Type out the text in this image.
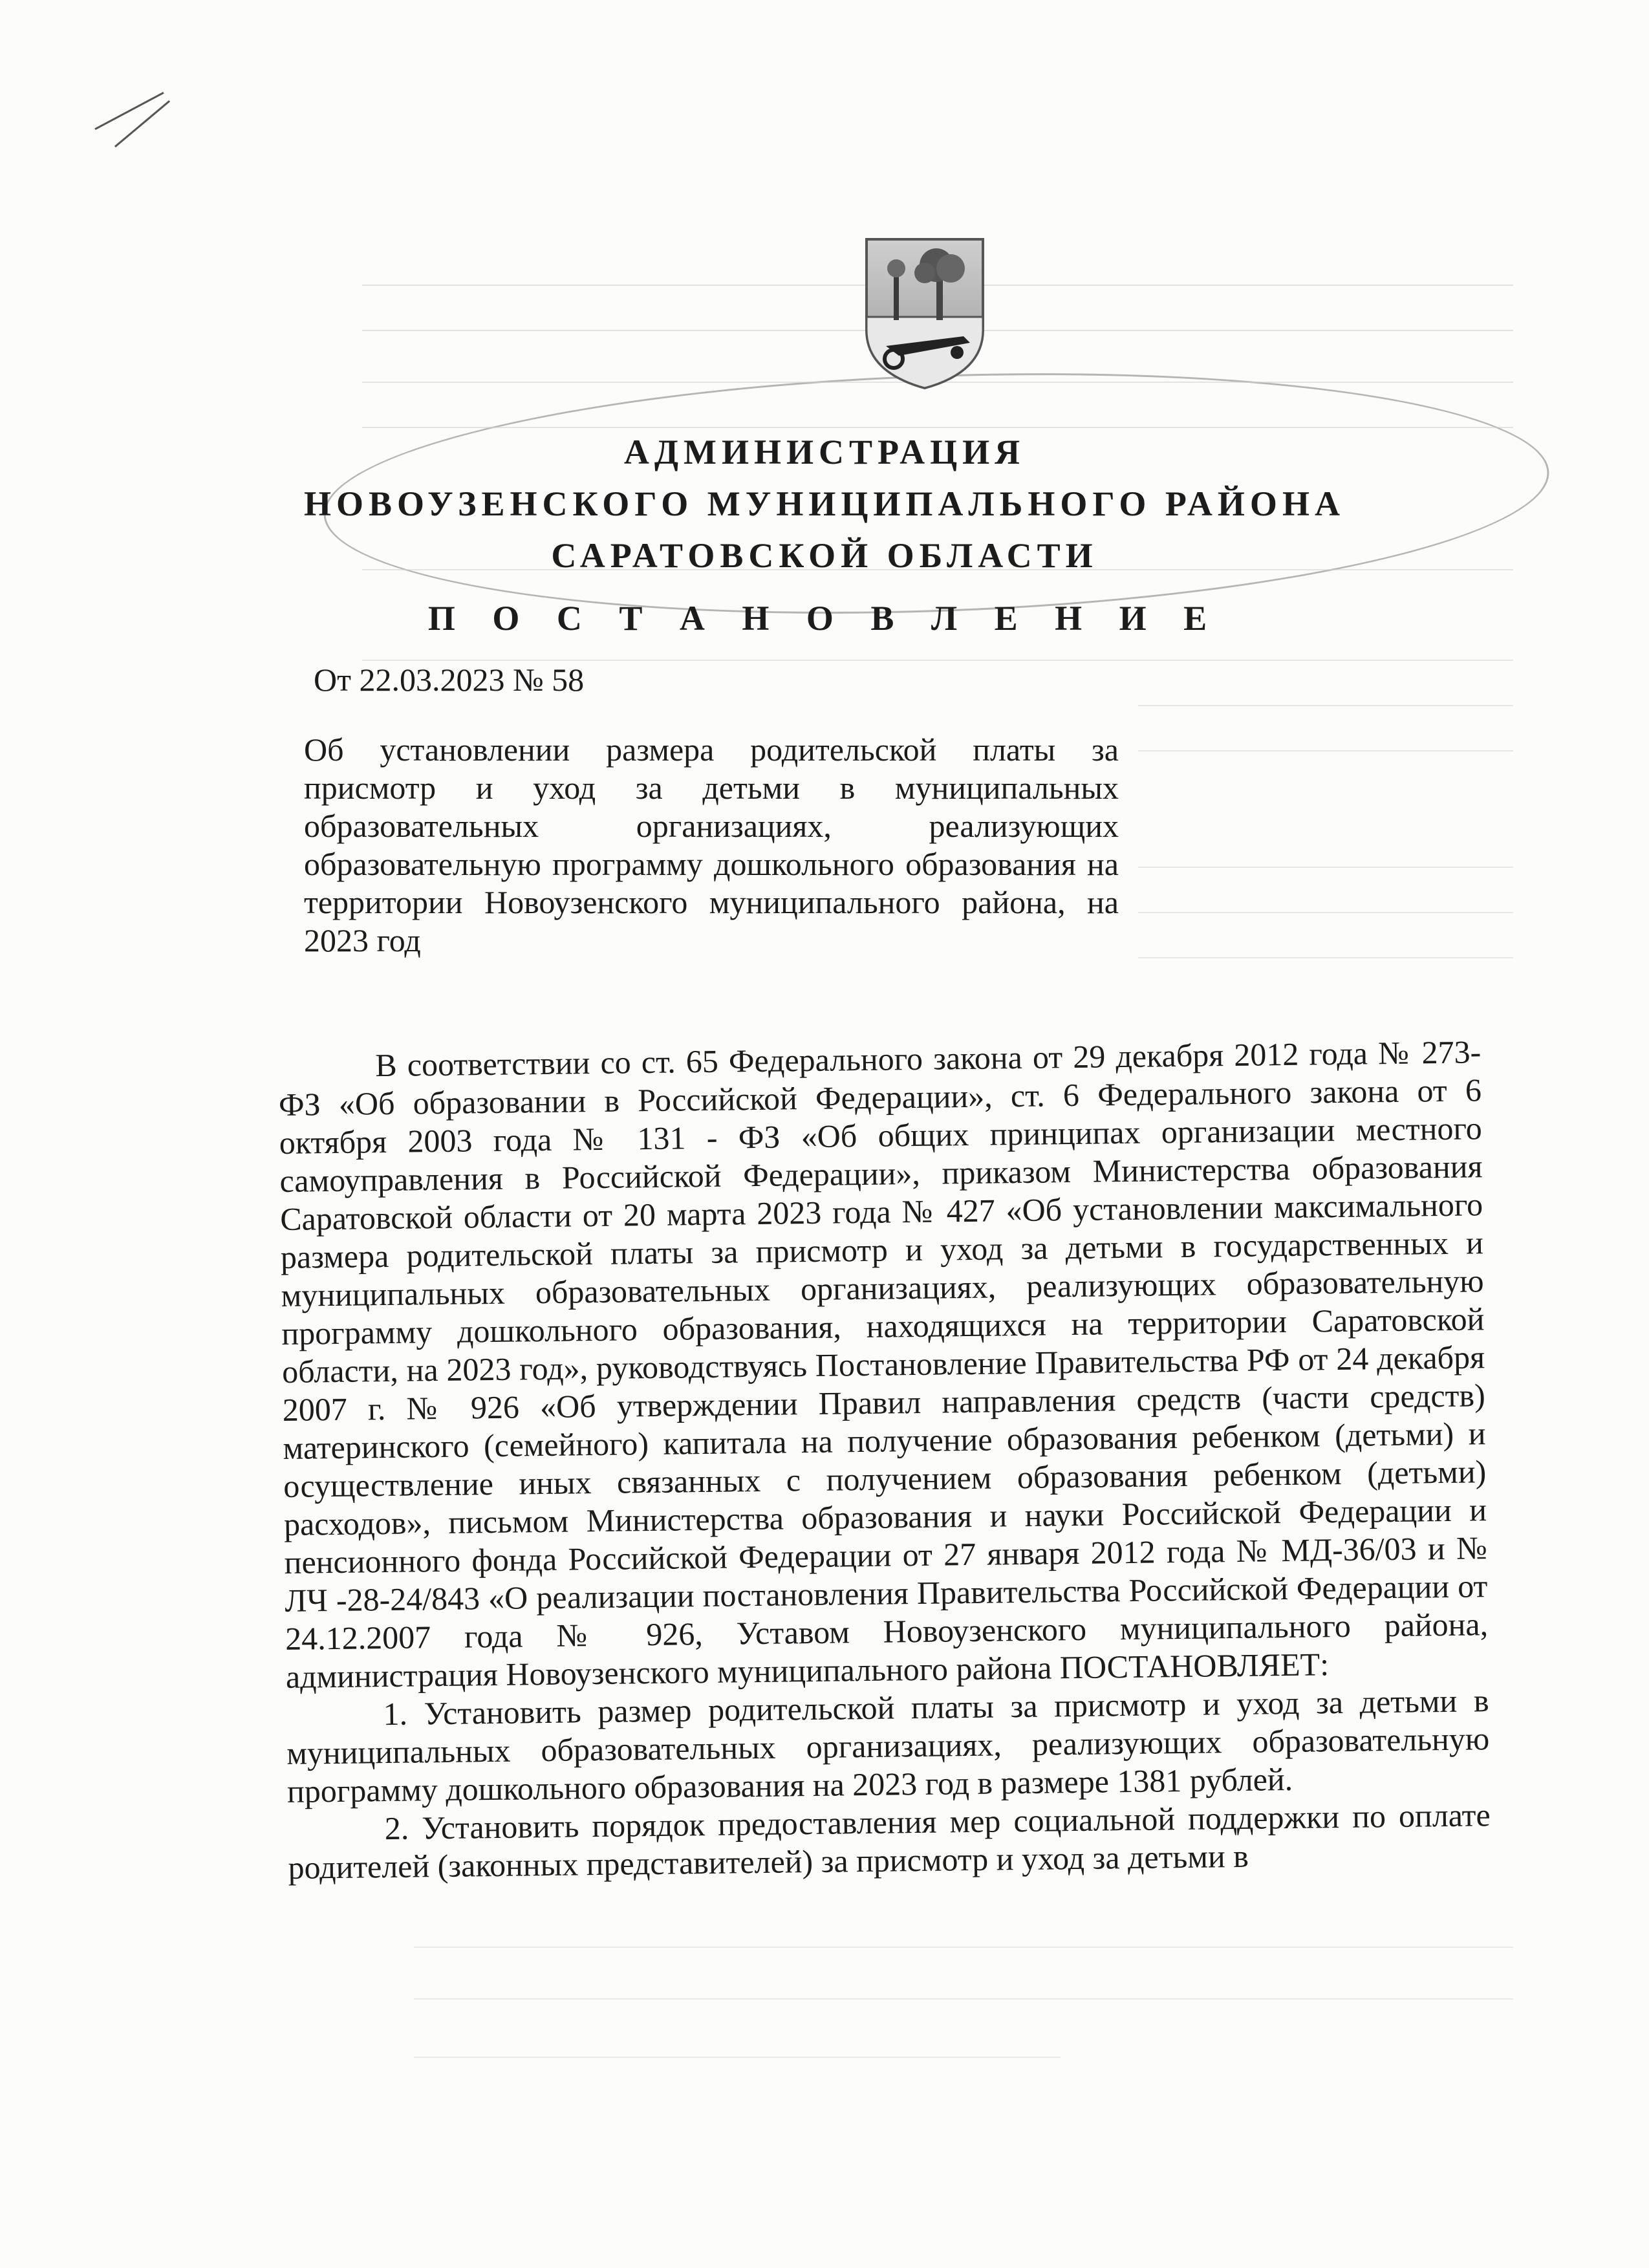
АДМИНИСТРАЦИЯ
НОВОУЗЕНСКОГО МУНИЦИПАЛЬНОГО РАЙОНА
САРАТОВСКОЙ ОБЛАСТИ
П О С Т А Н О В Л Е Н И Е
От 22.03.2023 № 58
Об установлении размера родительской платы за присмотр и уход за детьми в муниципальных образовательных организациях, реализующих образовательную программу дошкольного образования на территории Новоузенского муниципального района, на 2023 год

В соответствии со ст. 65 Федерального закона от 29 декабря 2012 года № 273-ФЗ «Об образовании в Российской Федерации», ст. 6 Федерального закона от 6 октября 2003 года № 131 - ФЗ «Об общих принципах организации местного самоуправления в Российской Федерации», приказом Министерства образования Саратовской области от 20 марта 2023 года № 427 «Об установлении максимального размера родительской платы за присмотр и уход за детьми в государственных и муниципальных образовательных организациях, реализующих образовательную программу дошкольного образования, находящихся на территории Саратовской области, на 2023 год», руководствуясь Постановление Правительства РФ от 24 декабря 2007 г. № 926 «Об утверждении Правил направления средств (части средств) материнского (семейного) капитала на получение образования ребенком (детьми) и осуществление иных связанных с получением образования ребенком (детьми) расходов», письмом Министерства образования и науки Российской Федерации и пенсионного фонда Российской Федерации от 27 января 2012 года № МД-36/03 и № ЛЧ -28-24/843 «О реализации постановления Правительства Российской Федерации от 24.12.2007 года № 926, Уставом Новоузенского муниципального района, администрация Новоузенского муниципального района ПОСТАНОВЛЯЕТ:

1. Установить размер родительской платы за присмотр и уход за детьми в муниципальных образовательных организациях, реализующих образовательную программу дошкольного образования на 2023 год в размере 1381 рублей.

2. Установить порядок предоставления мер социальной поддержки по оплате родителей (законных представителей) за присмотр и уход за детьми в
